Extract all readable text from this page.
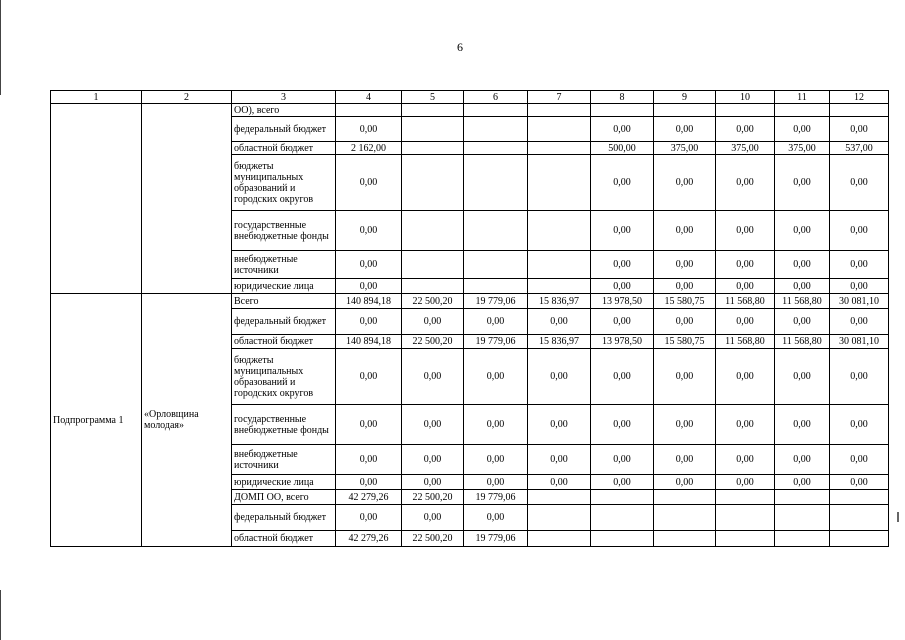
6
1	2	3	4	5	6	7	8	9	10	11	12
		ОО), всего									
		федеральный бюджет	0,00				0,00	0,00	0,00	0,00	0,00
		областной бюджет	2 162,00				500,00	375,00	375,00	375,00	537,00
		бюджеты муниципальных образований и городских округов	0,00				0,00	0,00	0,00	0,00	0,00
		государственные внебюджетные фонды	0,00				0,00	0,00	0,00	0,00	0,00
		внебюджетные источники	0,00				0,00	0,00	0,00	0,00	0,00
		юридические лица	0,00				0,00	0,00	0,00	0,00	0,00
Подпрограмма 1	«Орловщина молодая»	Всего	140 894,18	22 500,20	19 779,06	15 836,97	13 978,50	15 580,75	11 568,80	11 568,80	30 081,10
		федеральный бюджет	0,00	0,00	0,00	0,00	0,00	0,00	0,00	0,00	0,00
		областной бюджет	140 894,18	22 500,20	19 779,06	15 836,97	13 978,50	15 580,75	11 568,80	11 568,80	30 081,10
		бюджеты муниципальных образований и городских округов	0,00	0,00	0,00	0,00	0,00	0,00	0,00	0,00	0,00
		государственные внебюджетные фонды	0,00	0,00	0,00	0,00	0,00	0,00	0,00	0,00	0,00
		внебюджетные источники	0,00	0,00	0,00	0,00	0,00	0,00	0,00	0,00	0,00
		юридические лица	0,00	0,00	0,00	0,00	0,00	0,00	0,00	0,00	0,00
		ДОМП ОО, всего	42 279,26	22 500,20	19 779,06						
		федеральный бюджет	0,00	0,00	0,00						
		областной бюджет	42 279,26	22 500,20	19 779,06						
